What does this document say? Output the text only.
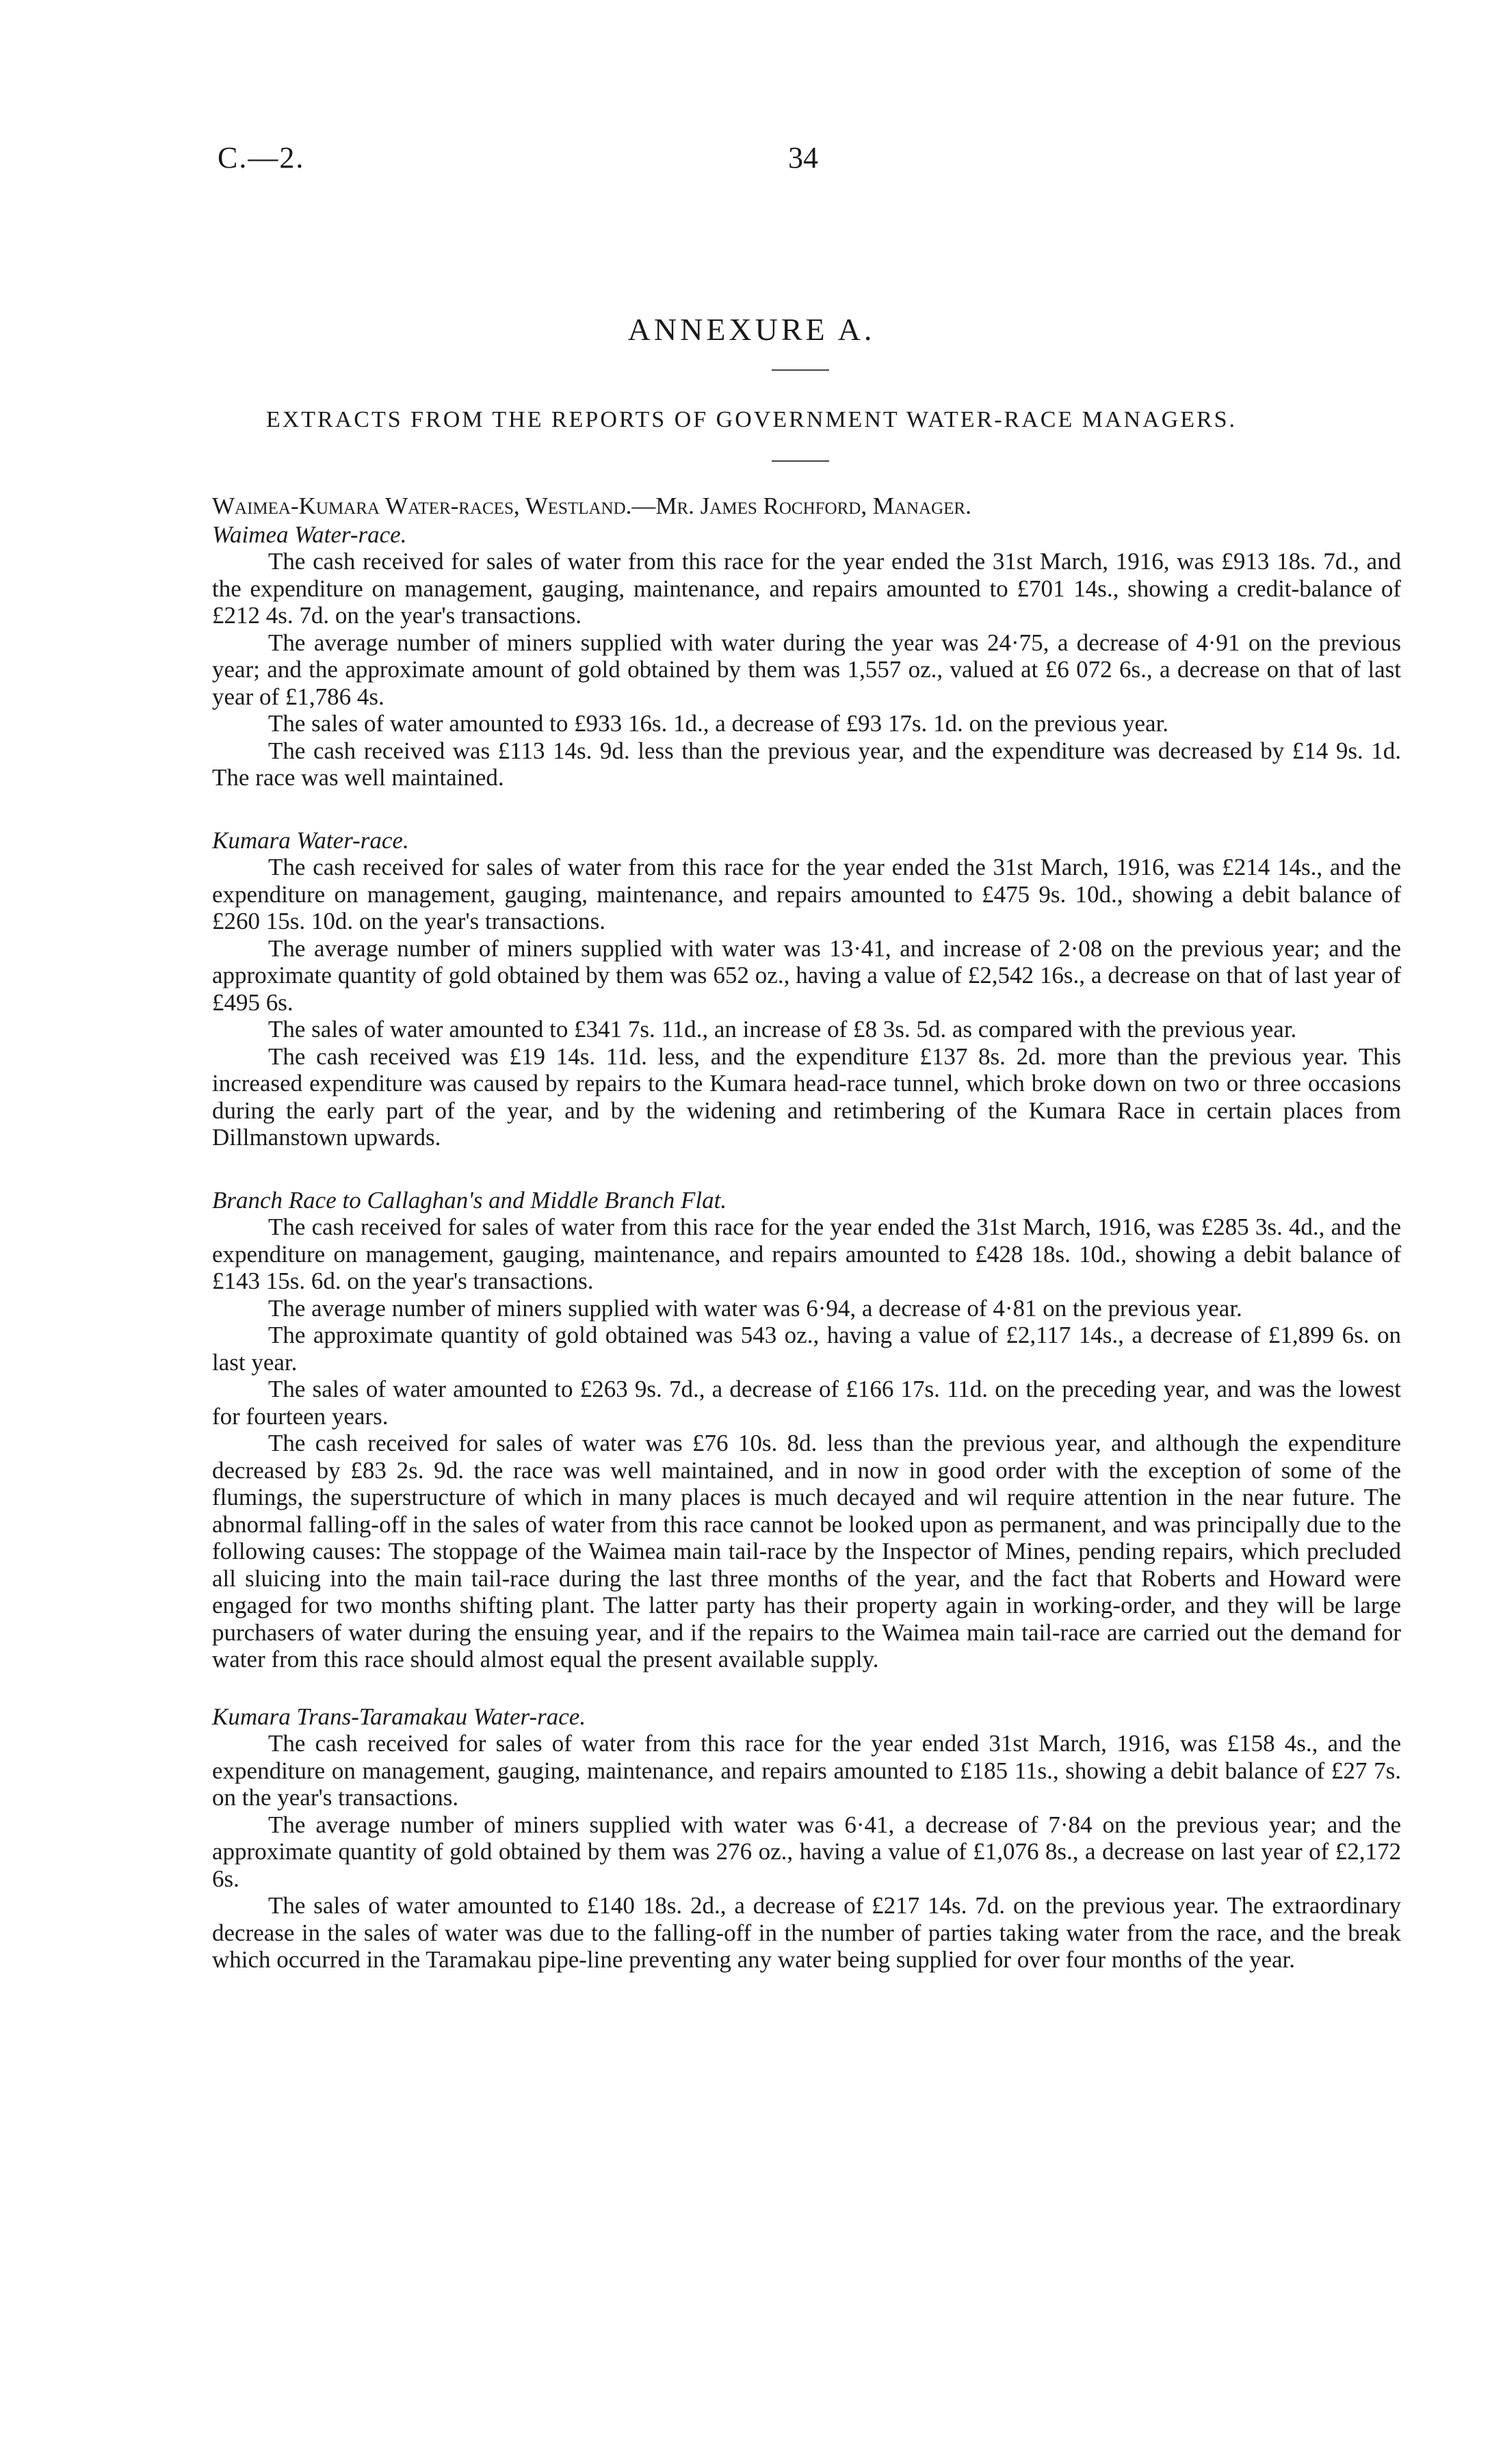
C.—2.	34
ANNEXURE A.
EXTRACTS FROM THE REPORTS OF GOVERNMENT WATER-RACE MANAGERS.

Waimea-Kumara Water-races, Westland.—Mr. James Rochford, Manager.

Waimea Water-race.

The cash received for sales of water from this race for the year ended the 31st March, 1916, was £913 18s. 7d., and the expenditure on management, gauging, maintenance, and repairs amounted to £701 14s., showing a credit-balance of £212 4s. 7d. on the year's transactions.

The average number of miners supplied with water during the year was 24·75, a decrease of 4·91 on the previous year; and the approximate amount of gold obtained by them was 1,557 oz., valued at £6 072 6s., a decrease on that of last year of £1,786 4s.

The sales of water amounted to £933 16s. 1d., a decrease of £93 17s. 1d. on the previous year.

The cash received was £113 14s. 9d. less than the previous year, and the expenditure was decreased by £14 9s. 1d. The race was well maintained.

Kumara Water-race.

The cash received for sales of water from this race for the year ended the 31st March, 1916, was £214 14s., and the expenditure on management, gauging, maintenance, and repairs amounted to £475 9s. 10d., showing a debit balance of £260 15s. 10d. on the year's transactions.

The average number of miners supplied with water was 13·41, and increase of 2·08 on the previous year; and the approximate quantity of gold obtained by them was 652 oz., having a value of £2,542 16s., a decrease on that of last year of £495 6s.

The sales of water amounted to £341 7s. 11d., an increase of £8 3s. 5d. as compared with the previous year.

The cash received was £19 14s. 11d. less, and the expenditure £137 8s. 2d. more than the previous year. This increased expenditure was caused by repairs to the Kumara head-race tunnel, which broke down on two or three occasions during the early part of the year, and by the widening and retimbering of the Kumara Race in certain places from Dillmanstown upwards.

Branch Race to Callaghan's and Middle Branch Flat.

The cash received for sales of water from this race for the year ended the 31st March, 1916, was £285 3s. 4d., and the expenditure on management, gauging, maintenance, and repairs amounted to £428 18s. 10d., showing a debit balance of £143 15s. 6d. on the year's transactions.

The average number of miners supplied with water was 6·94, a decrease of 4·81 on the previous year.

The approximate quantity of gold obtained was 543 oz., having a value of £2,117 14s., a decrease of £1,899 6s. on last year.

The sales of water amounted to £263 9s. 7d., a decrease of £166 17s. 11d. on the preceding year, and was the lowest for fourteen years.

The cash received for sales of water was £76 10s. 8d. less than the previous year, and although the expenditure decreased by £83 2s. 9d. the race was well maintained, and in now in good order with the exception of some of the flumings, the superstructure of which in many places is much decayed and wil require attention in the near future. The abnormal falling-off in the sales of water from this race cannot be looked upon as permanent, and was principally due to the following causes: The stoppage of the Waimea main tail-race by the Inspector of Mines, pending repairs, which precluded all sluicing into the main tail-race during the last three months of the year, and the fact that Roberts and Howard were engaged for two months shifting plant. The latter party has their property again in working-order, and they will be large purchasers of water during the ensuing year, and if the repairs to the Waimea main tail-race are carried out the demand for water from this race should almost equal the present available supply.

Kumara Trans-Taramakau Water-race.

The cash received for sales of water from this race for the year ended 31st March, 1916, was £158 4s., and the expenditure on management, gauging, maintenance, and repairs amounted to £185 11s., showing a debit balance of £27 7s. on the year's transactions.

The average number of miners supplied with water was 6·41, a decrease of 7·84 on the previous year; and the approximate quantity of gold obtained by them was 276 oz., having a value of £1,076 8s., a decrease on last year of £2,172 6s.

The sales of water amounted to £140 18s. 2d., a decrease of £217 14s. 7d. on the previous year. The extraordinary decrease in the sales of water was due to the falling-off in the number of parties taking water from the race, and the break which occurred in the Taramakau pipe-line preventing any water being supplied for over four months of the year.
